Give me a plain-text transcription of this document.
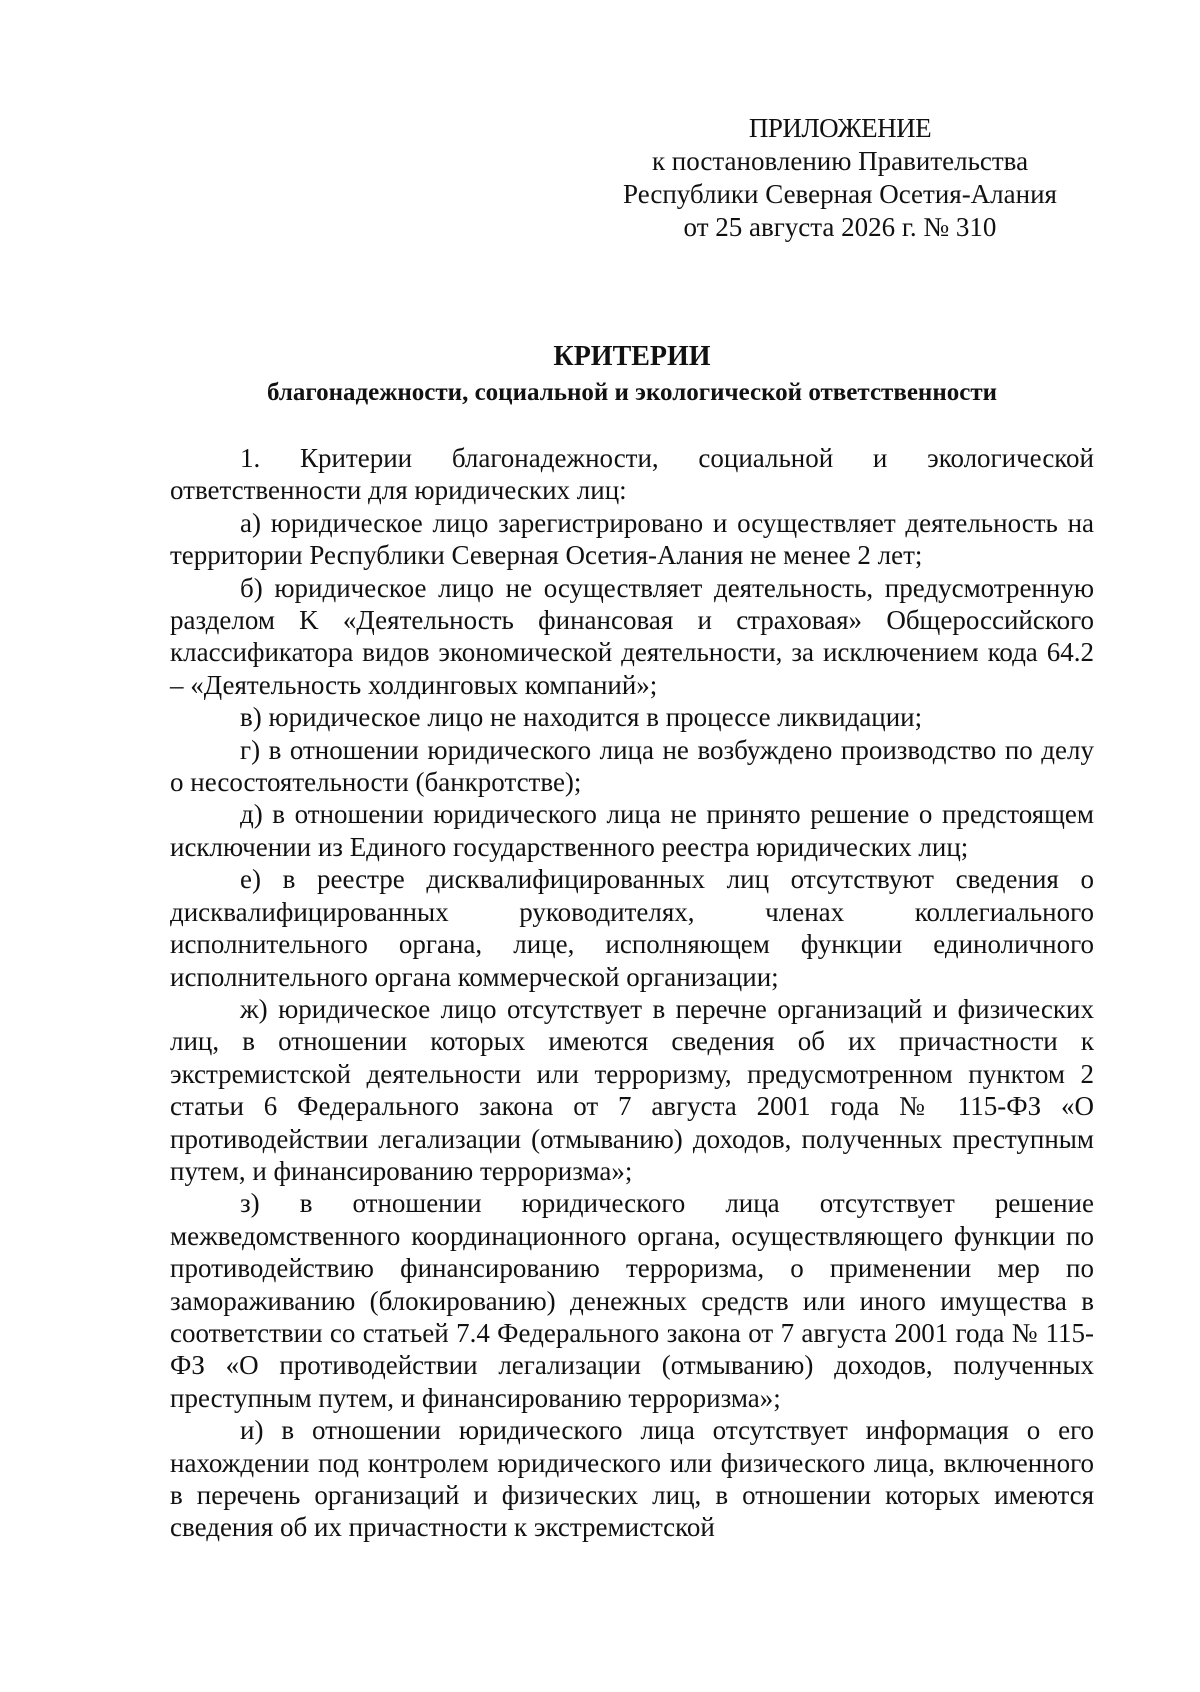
ПРИЛОЖЕНИЕ
к постановлению Правительства
Республики Северная Осетия-Алания
от 25 августа 2026 г. № 310
КРИТЕРИИ
благонадежности, социальной и экологической ответственности

1. Критерии благонадежности, социальной и экологической ответственности для юридических лиц:

а) юридическое лицо зарегистрировано и осуществляет деятельность на территории Республики Северная Осетия-Алания не менее 2 лет;

б) юридическое лицо не осуществляет деятельность, предусмотренную разделом K «Деятельность финансовая и страховая» Общероссийского классификатора видов экономической деятельности, за исключением кода 64.2 – «Деятельность холдинговых компаний»;

в) юридическое лицо не находится в процессе ликвидации;

г) в отношении юридического лица не возбуждено производство по делу о несостоятельности (банкротстве);

д) в отношении юридического лица не принято решение о предстоящем исключении из Единого государственного реестра юридических лиц;

е) в реестре дисквалифицированных лиц отсутствуют сведения о дисквалифицированных руководителях, членах коллегиального исполнительного органа, лице, исполняющем функции единоличного исполнительного органа коммерческой организации;

ж) юридическое лицо отсутствует в перечне организаций и физических лиц, в отношении которых имеются сведения об их причастности к экстремистской деятельности или терроризму, предусмотренном пунктом 2 статьи 6 Федерального закона от 7 августа 2001 года № 115-ФЗ «О противодействии легализации (отмыванию) доходов, полученных преступным путем, и финансированию терроризма»;

з) в отношении юридического лица отсутствует решение межведомственного координационного органа, осуществляющего функции по противодействию финансированию терроризма, о применении мер по замораживанию (блокированию) денежных средств или иного имущества в соответствии со статьей 7.4 Федерального закона от 7 августа 2001 года № 115-ФЗ «О противодействии легализации (отмыванию) доходов, полученных преступным путем, и финансированию терроризма»;

и) в отношении юридического лица отсутствует информация о его нахождении под контролем юридического или физического лица, включенного в перечень организаций и физических лиц, в отношении которых имеются сведения об их причастности к экстремистской
